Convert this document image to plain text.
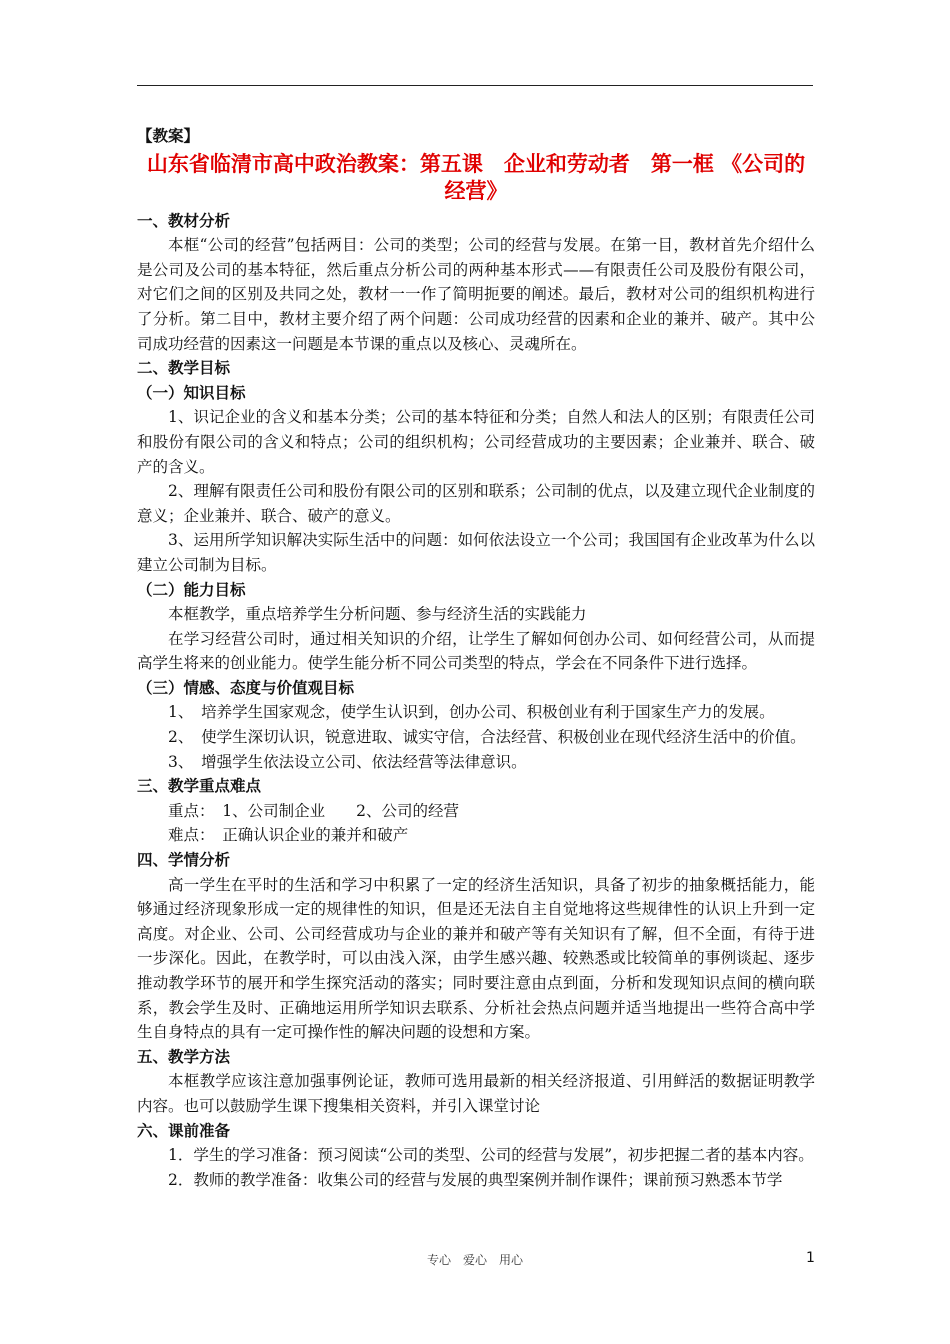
【教案】
山东省临清市高中政治教案：第五课　企业和劳动者　第一框 《公司的经营》
一、教材分析
本框“公司的经营”包括两目：公司的类型；公司的经营与发展。在第一目，教材首先介绍什么是公司及公司的基本特征，然后重点分析公司的两种基本形式——有限责任公司及股份有限公司，对它们之间的区别及共同之处，教材一一作了简明扼要的阐述。最后，教材对公司的组织机构进行了分析。第二目中，教材主要介绍了两个问题：公司成功经营的因素和企业的兼并、破产。其中公司成功经营的因素这一问题是本节课的重点以及核心、灵魂所在。
二、教学目标
（一）知识目标
1、识记企业的含义和基本分类；公司的基本特征和分类；自然人和法人的区别；有限责任公司和股份有限公司的含义和特点；公司的组织机构；公司经营成功的主要因素；企业兼并、联合、破产的含义。
2、理解有限责任公司和股份有限公司的区别和联系；公司制的优点，以及建立现代企业制度的意义；企业兼并、联合、破产的意义。
3、运用所学知识解决实际生活中的问题：如何依法设立一个公司；我国国有企业改革为什么以建立公司制为目标。
（二）能力目标
本框教学，重点培养学生分析问题、参与经济生活的实践能力
在学习经营公司时，通过相关知识的介绍，让学生了解如何创办公司、如何经营公司，从而提高学生将来的创业能力。使学生能分析不同公司类型的特点，学会在不同条件下进行选择。
（三）情感、态度与价值观目标
1、　培养学生国家观念，使学生认识到，创办公司、积极创业有利于国家生产力的发展。
2、　使学生深切认识，锐意进取、诚实守信，合法经营、积极创业在现代经济生活中的价值。
3、　增强学生依法设立公司、依法经营等法律意识。
三、教学重点难点
重点：　1、公司制企业　　2、公司的经营
难点：　正确认识企业的兼并和破产
四、学情分析
高一学生在平时的生活和学习中积累了一定的经济生活知识，具备了初步的抽象概括能力，能够通过经济现象形成一定的规律性的知识，但是还无法自主自觉地将这些规律性的认识上升到一定高度。对企业、公司、公司经营成功与企业的兼并和破产等有关知识有了解，但不全面，有待于进一步深化。因此，在教学时，可以由浅入深，由学生感兴趣、较熟悉或比较简单的事例谈起、逐步推动教学环节的展开和学生探究活动的落实；同时要注意由点到面，分析和发现知识点间的横向联系，教会学生及时、正确地运用所学知识去联系、分析社会热点问题并适当地提出一些符合高中学生自身特点的具有一定可操作性的解决问题的设想和方案。
五、教学方法
本框教学应该注意加强事例论证，教师可选用最新的相关经济报道、引用鲜活的数据证明教学内容。也可以鼓励学生课下搜集相关资料，并引入课堂讨论
六、课前准备
1．学生的学习准备：预习阅读“公司的类型、公司的经营与发展”，初步把握二者的基本内容。
2．教师的教学准备：收集公司的经营与发展的典型案例并制作课件；课前预习熟悉本节学
专心　爱心　用心	1
